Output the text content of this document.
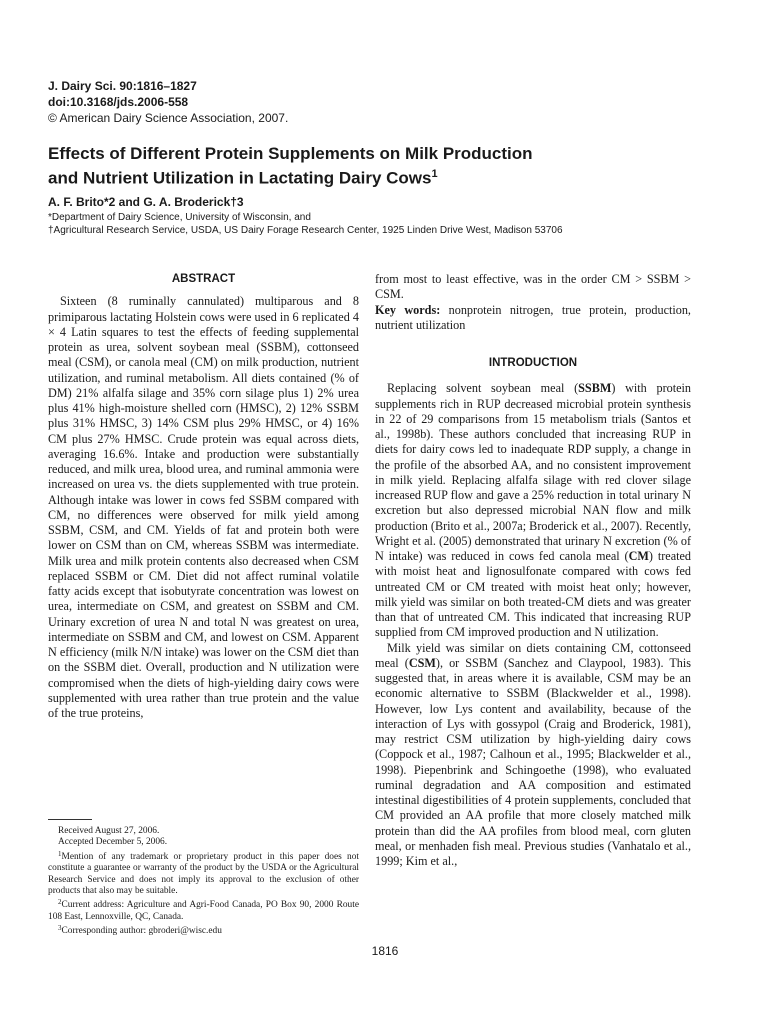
J. Dairy Sci. 90:1816–1827
doi:10.3168/jds.2006-558
© American Dairy Science Association, 2007.
Effects of Different Protein Supplements on Milk Production
and Nutrient Utilization in Lactating Dairy Cows$^1$
A. F. Brito*2 and G. A. Broderick†3
*Department of Dairy Science, University of Wisconsin, and
†Agricultural Research Service, USDA, US Dairy Forage Research Center, 1925 Linden Drive West, Madison 53706
ABSTRACT

Sixteen (8 ruminally cannulated) multiparous and 8 primiparous lactating Holstein cows were used in 6 replicated 4 × 4 Latin squares to test the effects of feeding supplemental protein as urea, solvent soybean meal (SSBM), cottonseed meal (CSM), or canola meal (CM) on milk production, nutrient utilization, and ruminal metabolism. All diets contained (% of DM) 21% alfalfa silage and 35% corn silage plus 1) 2% urea plus 41% high-moisture shelled corn (HMSC), 2) 12% SSBM plus 31% HMSC, 3) 14% CSM plus 29% HMSC, or 4) 16% CM plus 27% HMSC. Crude protein was equal across diets, averaging 16.6%. Intake and production were substantially reduced, and milk urea, blood urea, and ruminal ammonia were increased on urea vs. the diets supplemented with true protein. Although intake was lower in cows fed SSBM compared with CM, no differences were observed for milk yield among SSBM, CSM, and CM. Yields of fat and protein both were lower on CSM than on CM, whereas SSBM was intermediate. Milk urea and milk protein contents also decreased when CSM replaced SSBM or CM. Diet did not affect ruminal volatile fatty acids except that isobutyrate concentration was lowest on urea, intermediate on CSM, and greatest on SSBM and CM. Urinary excretion of urea N and total N was greatest on urea, intermediate on SSBM and CM, and lowest on CSM. Apparent N efficiency (milk N/N intake) was lower on the CSM diet than on the SSBM diet. Overall, production and N utilization were compromised when the diets of high-yielding dairy cows were supplemented with urea rather than true protein and the value of the true proteins,

from most to least effective, was in the order CM > SSBM > CSM.

Key words: nonprotein nitrogen, true protein, production, nutrient utilization

INTRODUCTION

Replacing solvent soybean meal (SSBM) with protein supplements rich in RUP decreased microbial protein synthesis in 22 of 29 comparisons from 15 metabolism trials (Santos et al., 1998b). These authors concluded that increasing RUP in diets for dairy cows led to inadequate RDP supply, a change in the profile of the absorbed AA, and no consistent improvement in milk yield. Replacing alfalfa silage with red clover silage increased RUP flow and gave a 25% reduction in total urinary N excretion but also depressed microbial NAN flow and milk production (Brito et al., 2007a; Broderick et al., 2007). Recently, Wright et al. (2005) demonstrated that urinary N excretion (% of N intake) was reduced in cows fed canola meal (CM) treated with moist heat and lignosulfonate compared with cows fed untreated CM or CM treated with moist heat only; however, milk yield was similar on both treated-CM diets and was greater than that of untreated CM. This indicated that increasing RUP supplied from CM improved production and N utilization.

Milk yield was similar on diets containing CM, cottonseed meal (CSM), or SSBM (Sanchez and Claypool, 1983). This suggested that, in areas where it is available, CSM may be an economic alternative to SSBM (Blackwelder et al., 1998). However, low Lys content and availability, because of the interaction of Lys with gossypol (Craig and Broderick, 1981), may restrict CSM utilization by high-yielding dairy cows (Coppock et al., 1987; Calhoun et al., 1995; Blackwelder et al., 1998). Piepenbrink and Schingoethe (1998), who evaluated ruminal degradation and AA composition and estimated intestinal digestibilities of 4 protein supplements, concluded that CM provided an AA profile that more closely matched milk protein than did the AA profiles from blood meal, corn gluten meal, or menhaden fish meal. Previous studies (Vanhatalo et al., 1999; Kim et al.,

Received August 27, 2006.

Accepted December 5, 2006.

$^1$Mention of any trademark or proprietary product in this paper does not constitute a guarantee or warranty of the product by the USDA or the Agricultural Research Service and does not imply its approval to the exclusion of other products that also may be suitable.

$^2$Current address: Agriculture and Agri-Food Canada, PO Box 90, 2000 Route 108 East, Lennoxville, QC, Canada.

$^3$Corresponding author: gbroderi@wisc.edu

1816
